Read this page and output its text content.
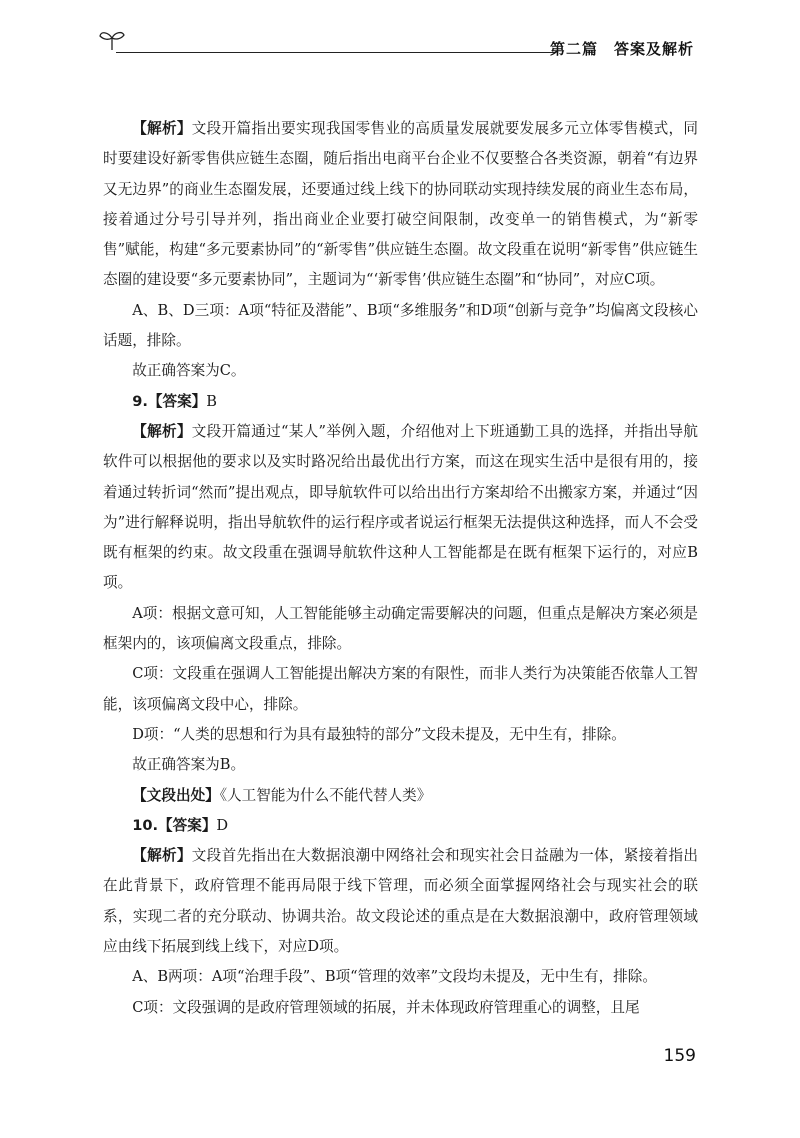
第二篇　答案及解析

【解析】文段开篇指出要实现我国零售业的高质量发展就要发展多元立体零售模式，同时要建设好新零售供应链生态圈，随后指出电商平台企业不仅要整合各类资源，朝着“有边界又无边界”的商业生态圈发展，还要通过线上线下的协同联动实现持续发展的商业生态布局，接着通过分号引导并列，指出商业企业要打破空间限制，改变单一的销售模式，为“新零售”赋能，构建“多元要素协同”的“新零售”供应链生态圈。故文段重在说明“新零售”供应链生态圈的建设要“多元要素协同”，主题词为“‘新零售’供应链生态圈”和“协同”，对应C项。

A、B、D三项：A项“特征及潜能”、B项“多维服务”和D项“创新与竞争”均偏离文段核心话题，排除。

故正确答案为C。

9.【答案】B

【解析】文段开篇通过“某人”举例入题，介绍他对上下班通勤工具的选择，并指出导航软件可以根据他的要求以及实时路况给出最优出行方案，而这在现实生活中是很有用的，接着通过转折词“然而”提出观点，即导航软件可以给出出行方案却给不出搬家方案，并通过“因为”进行解释说明，指出导航软件的运行程序或者说运行框架无法提供这种选择，而人不会受既有框架的约束。故文段重在强调导航软件这种人工智能都是在既有框架下运行的，对应B项。

A项：根据文意可知，人工智能能够主动确定需要解决的问题，但重点是解决方案必须是框架内的，该项偏离文段重点，排除。

C项：文段重在强调人工智能提出解决方案的有限性，而非人类行为决策能否依靠人工智能，该项偏离文段中心，排除。

D项：“人类的思想和行为具有最独特的部分”文段未提及，无中生有，排除。

故正确答案为B。

【文段出处】《人工智能为什么不能代替人类》

10.【答案】D

【解析】文段首先指出在大数据浪潮中网络社会和现实社会日益融为一体，紧接着指出在此背景下，政府管理不能再局限于线下管理，而必须全面掌握网络社会与现实社会的联系，实现二者的充分联动、协调共治。故文段论述的重点是在大数据浪潮中，政府管理领域应由线下拓展到线上线下，对应D项。

A、B两项：A项“治理手段”、B项“管理的效率”文段均未提及，无中生有，排除。

C项：文段强调的是政府管理领域的拓展，并未体现政府管理重心的调整，且尾

159
